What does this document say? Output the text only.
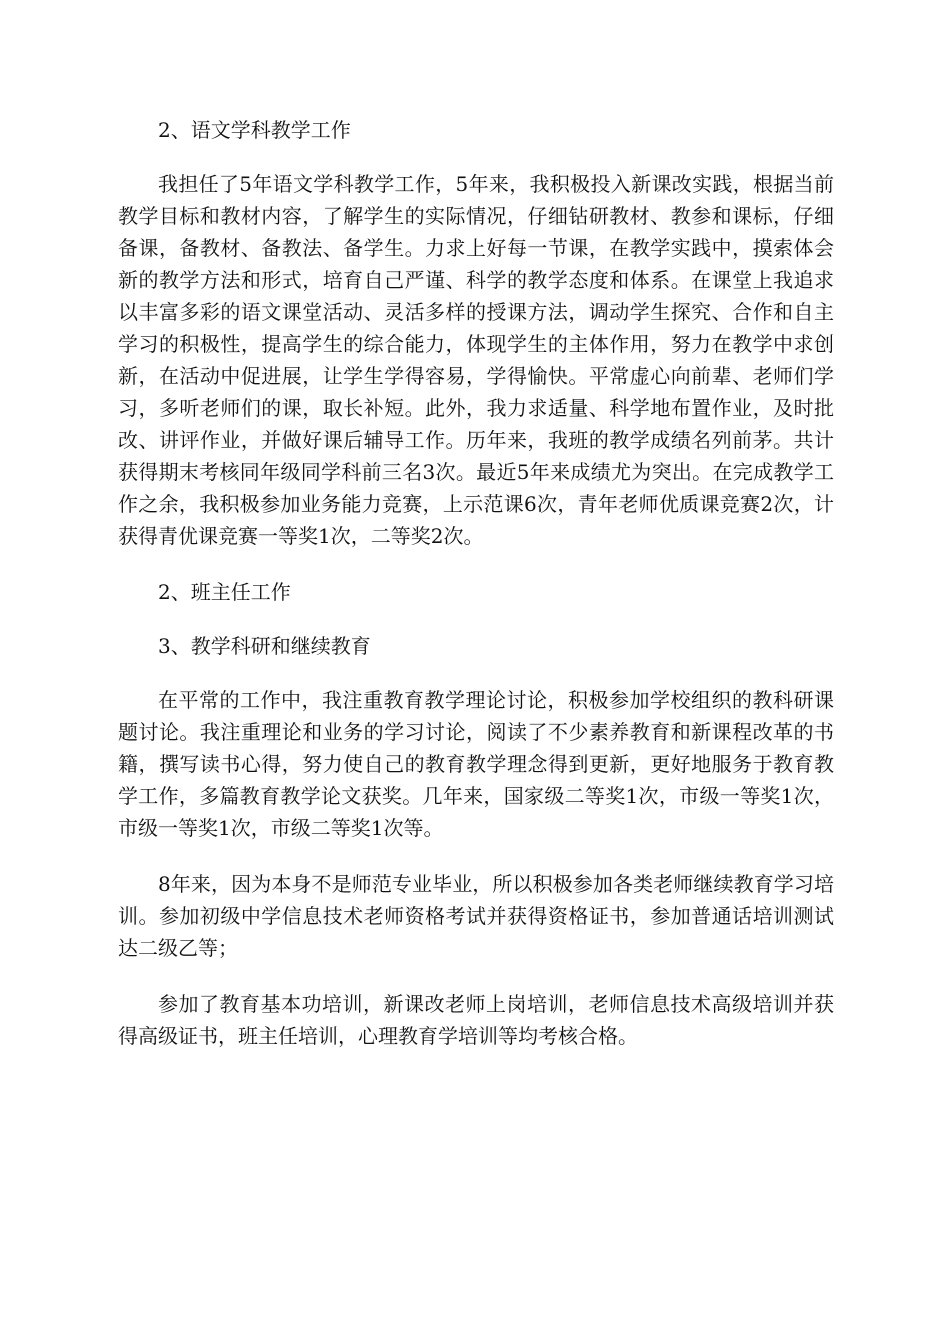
2、语文学科教学工作

我担任了5年语文学科教学工作，5年来，我积极投入新课改实践，根据当前教学目标和教材内容，了解学生的实际情况，仔细钻研教材、教参和课标，仔细备课，备教材、备教法、备学生。力求上好每一节课，在教学实践中，摸索体会新的教学方法和形式，培育自己严谨、科学的教学态度和体系。在课堂上我追求以丰富多彩的语文课堂活动、灵活多样的授课方法，调动学生探究、合作和自主学习的积极性，提高学生的综合能力，体现学生的主体作用，努力在教学中求创新，在活动中促进展，让学生学得容易，学得愉快。平常虚心向前辈、老师们学习，多听老师们的课，取长补短。此外，我力求适量、科学地布置作业，及时批改、讲评作业，并做好课后辅导工作。历年来，我班的教学成绩名列前茅。共计获得期末考核同年级同学科前三名3次。最近5年来成绩尤为突出。在完成教学工作之余，我积极参加业务能力竞赛，上示范课6次，青年老师优质课竞赛2次，计获得青优课竞赛一等奖1次，二等奖2次。

2、班主任工作
3、教学科研和继续教育

在平常的工作中，我注重教育教学理论讨论，积极参加学校组织的教科研课题讨论。我注重理论和业务的学习讨论，阅读了不少素养教育和新课程改革的书籍，撰写读书心得，努力使自己的教育教学理念得到更新，更好地服务于教育教学工作，多篇教育教学论文获奖。几年来，国家级二等奖1次，市级一等奖1次，市级一等奖1次，市级二等奖1次等。

8年来，因为本身不是师范专业毕业，所以积极参加各类老师继续教育学习培训。参加初级中学信息技术老师资格考试并获得资格证书，参加普通话培训测试达二级乙等；

参加了教育基本功培训，新课改老师上岗培训，老师信息技术高级培训并获得高级证书，班主任培训，心理教育学培训等均考核合格。
